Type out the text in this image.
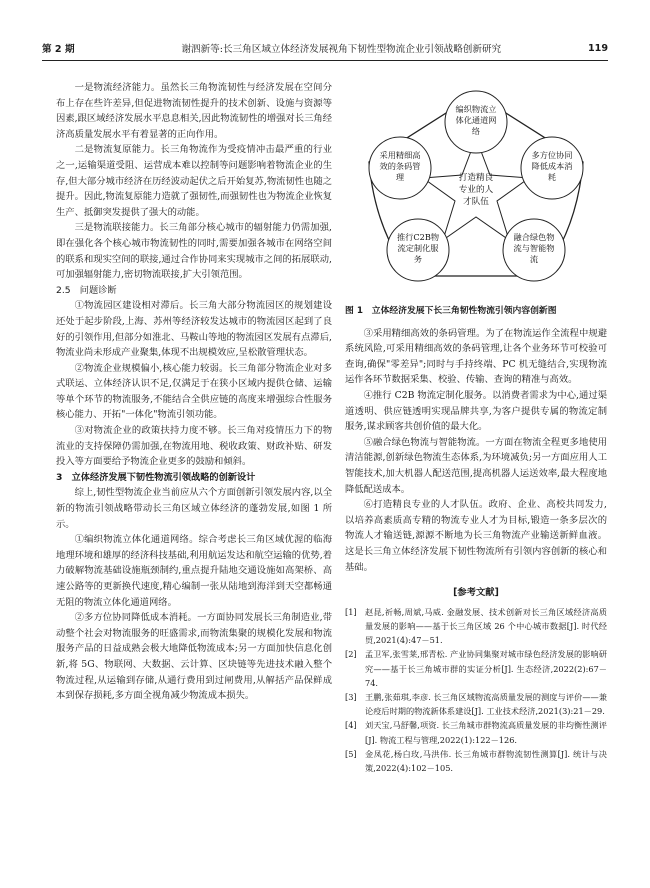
第 2 期	谢泗新等:长三角区域立体经济发展视角下韧性型物流企业引领战略创新研究	119

一是物流经济能力。虽然长三角物流韧性与经济发展在空间分布上存在些许差异,但促进物流韧性提升的技术创新、设施与资源等因素,跟区域经济发展水平息息相关,因此物流韧性的增强对长三角经济高质量发展水平有着显著的正向作用。

二是物流复原能力。长三角物流作为受疫情冲击最严重的行业之一,运输渠道受阻、运营成本难以控制等问题影响着物流企业的生存,但大部分城市经济在历经波动起伏之后开始复苏,物流韧性也随之提升。因此,物流复原能力造就了强韧性,而强韧性也为物流企业恢复生产、抵御突发提供了强大的动能。

三是物流联接能力。长三角部分核心城市的辐射能力仍需加强,即在强化各个核心城市物流韧性的同时,需要加强各城市在网络空间的联系和现实空间的联接,通过合作协同来实现城市之间的拓展联动,可加强辐射能力,密切物流联接,扩大引领范围。

2.5　问题诊断

①物流园区建设相对滞后。长三角大部分物流园区的规划建设还处于起步阶段,上海、苏州等经济较发达城市的物流园区起到了良好的引领作用,但部分如淮北、马鞍山等地的物流园区发展有点滞后,物流业尚未形成产业聚集,体现不出规模效应,呈松散管理状态。

②物流企业规模偏小,核心能力较弱。长三角部分物流企业对多式联运、立体经济认识不足,仅满足于在狭小区域内提供仓储、运输等单个环节的物流服务,不能结合全供应链的高度来增强综合性服务核心能力、开拓"一体化"物流引领功能。

③对物流企业的政策扶持力度不够。长三角对疫情压力下的物流业的支持保障仍需加强,在物流用地、税收政策、财政补贴、研发投入等方面要给予物流企业更多的鼓励和倾斜。

3　立体经济发展下韧性物流引领战略的创新设计

综上,韧性型物流企业当前应从六个方面创新引领发展内容,以全新的物流引领战略带动长三角区域立体经济的蓬勃发展,如图 1 所示。

①编织物流立体化通道网络。综合考虑长三角区域优渥的临海地理环境和雄厚的经济科技基础,利用航运发达和航空运输的优势,着力破解物流基础设施瓶颈制约,重点提升陆地交通设施如高架桥、高速公路等的更新换代速度,精心编制一张从陆地到海洋到天空都畅通无阻的物流立体化通道网络。

②多方位协同降低成本消耗。一方面协同发展长三角制造业,带动整个社会对物流服务的旺盛需求,而物流集聚的规模化发展和物流服务产品的日益成熟会极大地降低物流成本;另一方面加快信息化创新,将 5G、物联网、大数据、云计算、区块链等先进技术融入整个物流过程,从运输到存储,从通行费用到过闸费用,从解括产品保鲜成本到保存损耗,多方面全视角减少物流成本损失。

编织物流立体化通道网络
多方位协同降低成本消耗
融合绿色物流与智能物流
推行C2B物流定制化服务
采用精细高效的条码管理	打造精良专业的人才队伍
图 1　立体经济发展下长三角韧性物流引领内容创新图

③采用精细高效的条码管理。为了在物流运作全流程中规避系统风险,可采用精细高效的条码管理,让各个业务环节可校验可查询,确保"零差异";同时与手持终端、PC 机无缝结合,实现物流运作各环节数据采集、校验、传输、查询的精准与高效。

④推行 C2B 物流定制化服务。以消费者需求为中心,通过渠道透明、供应链透明实现品牌共享,为客户提供专属的物流定制服务,谋求顾客共创价值的最大化。

⑤融合绿色物流与智能物流。一方面在物流全程更多地使用清洁能源,创新绿色物流生态体系,为环境减负;另一方面应用人工智能技术,加大机器人配送范围,提高机器人运送效率,最大程度地降低配送成本。

⑥打造精良专业的人才队伍。政府、企业、高校共同发力,以培养高素质高专精的物流专业人才为目标,锻造一条多层次的物流人才输送链,源源不断地为长三角物流产业输送新鲜血液。这是长三角立体经济发展下韧性物流所有引领内容创新的核心和基础。

[参考文献]
[1]	赵昆,祈畅,周斌,马威. 金融发展、技术创新对长三角区域经济高质量发展的影响——基于长三角区域 26 个中心城市数据[J]. 时代经贸,2021(4):47－51.
[2]	孟卫军,张雪莱,邢青松. 产业协同集聚对城市绿色经济发展的影响研究——基于长三角城市群的实证分析[J]. 生态经济,2022(2):67－74.
[3]	王鹏,张茹琪,李彦. 长三角区域物流高质量发展的测度与评价——兼论疫后时期的物流新体系建设[J]. 工业技术经济,2021(3):21－29.
[4]	刘天宝,马舒馨,项资. 长三角城市群物流高质量发展的非均衡性测评[J]. 物流工程与管理,2022(1):122－126.
[5]	金凤花,杨白玫,马洪伟. 长三角城市群物流韧性测算[J]. 统计与决策,2022(4):102－105.
